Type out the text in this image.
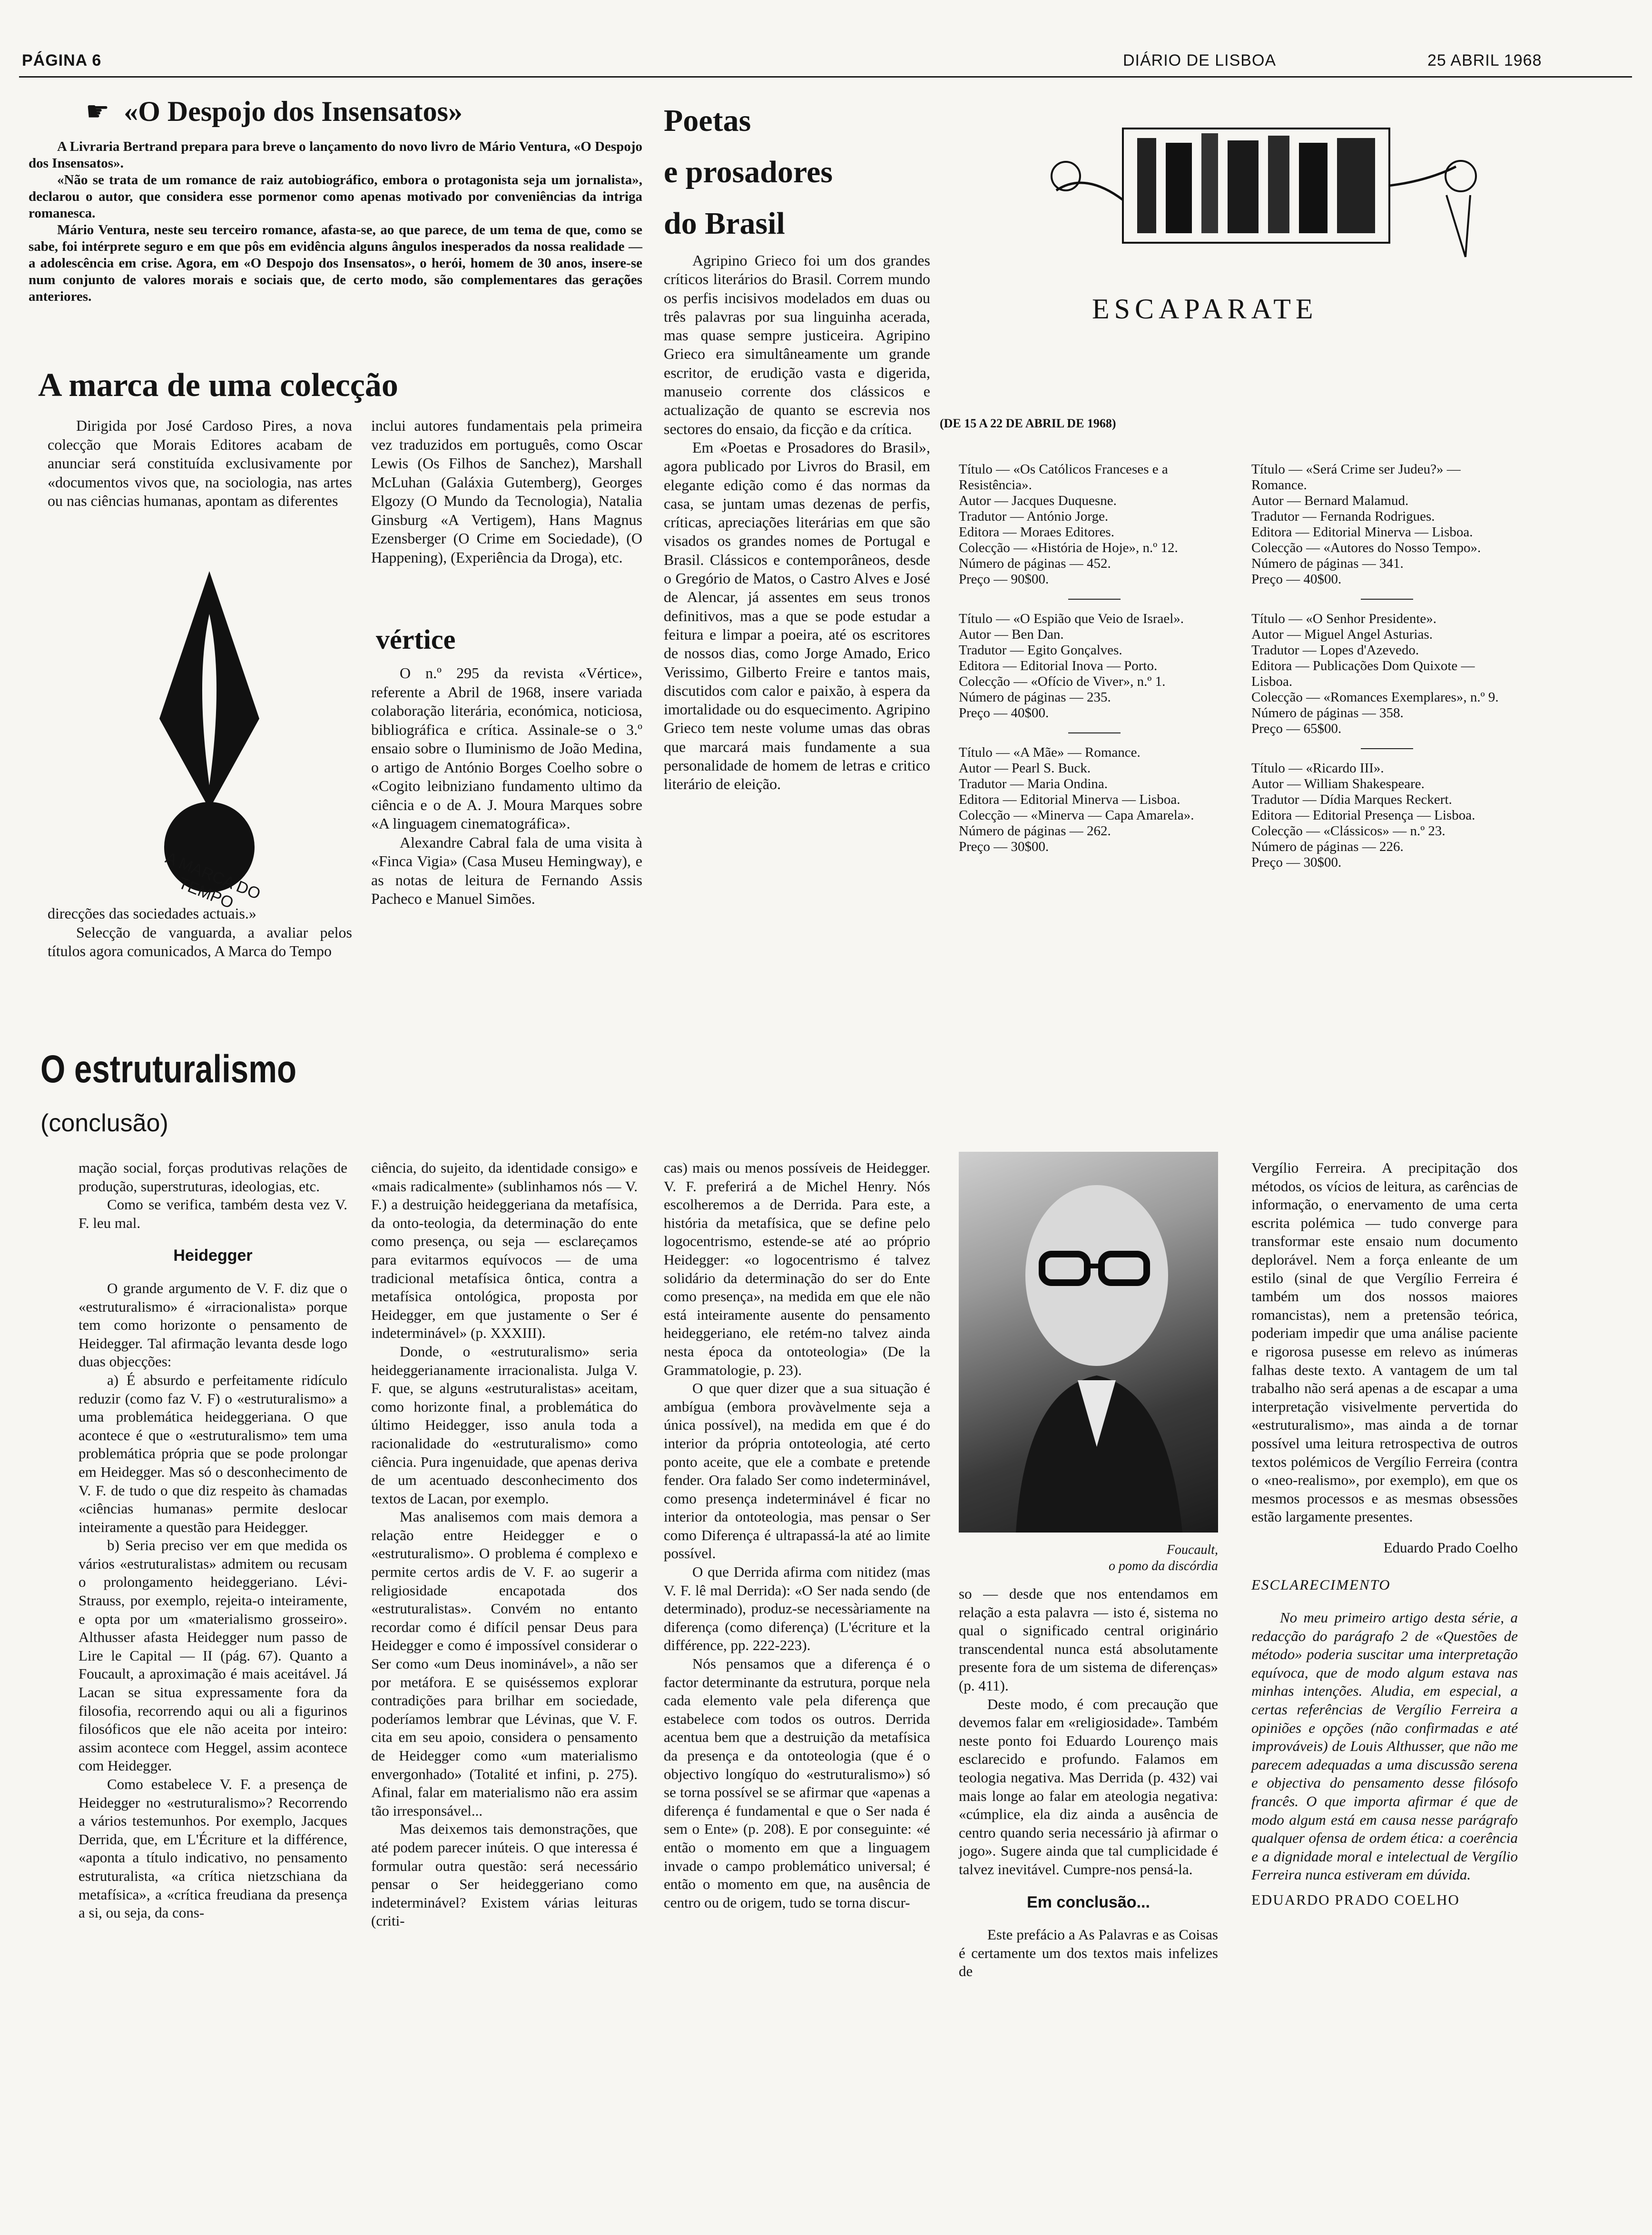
PÁGINA 6	DIÁRIO DE LISBOA	25 ABRIL 1968
☛ «O Despojo dos Insensatos»

A Livraria Bertrand prepara para breve o lançamento do novo livro de Mário Ventura, «O Despojo dos Insensatos».

«Não se trata de um romance de raiz autobiográfico, embora o protagonista seja um jornalista», declarou o autor, que considera esse pormenor como apenas motivado por conveniências da intriga romanesca.

Mário Ventura, neste seu terceiro romance, afasta-se, ao que parece, de um tema de que, como se sabe, foi intérprete seguro e em que pôs em evidência alguns ângulos inesperados da nossa realidade — a adolescência em crise. Agora, em «O Despojo dos Insensatos», o herói, homem de 30 anos, insere-se num conjunto de valores morais e sociais que, de certo modo, são complementares das gerações anteriores.

A marca de uma colecção

Dirigida por José Cardoso Pires, a nova colecção que Morais Editores acabam de anunciar será constituída exclusivamente por «documentos vivos que, na sociologia, nas artes ou nas ciências humanas, apontam as diferentes

A MARCA DO TEMPO

direcções das sociedades actuais.»

Selecção de vanguarda, a avaliar pelos títulos agora comunicados, A Marca do Tempo

inclui autores fundamentais pela primeira vez traduzidos em português, como Oscar Lewis (Os Filhos de Sanchez), Marshall McLuhan (Galáxia Gutemberg), Georges Elgozy (O Mundo da Tecnologia), Natalia Ginsburg «A Vertigem), Hans Magnus Ezensberger (O Crime em Sociedade), (O Happening), (Experiência da Droga), etc.

vértice

O n.º 295 da revista «Vértice», referente a Abril de 1968, insere variada colaboração literária, económica, noticiosa, bibliográfica e crítica. Assinale-se o 3.º ensaio sobre o Iluminismo de João Medina, o artigo de António Borges Coelho sobre o «Cogito leibniziano fundamento ultimo da ciência e o de A. J. Moura Marques sobre «A linguagem cinematográfica».

Alexandre Cabral fala de uma visita à «Finca Vigia» (Casa Museu Hemingway), e as notas de leitura de Fernando Assis Pacheco e Manuel Simões.

Poetas
e prosadores
do Brasil

Agripino Grieco foi um dos grandes críticos literários do Brasil. Correm mundo os perfis incisivos modelados em duas ou três palavras por sua linguinha acerada, mas quase sempre justiceira. Agripino Grieco era simultâneamente um grande escritor, de erudição vasta e digerida, manuseio corrente dos clássicos e actualização de quanto se escrevia nos sectores do ensaio, da ficção e da crítica.

Em «Poetas e Prosadores do Brasil», agora publicado por Livros do Brasil, em elegante edição como é das normas da casa, se juntam umas dezenas de perfis, críticas, apreciações literárias em que são visados os grandes nomes de Portugal e Brasil. Clássicos e contemporâneos, desde o Gregório de Matos, o Castro Alves e José de Alencar, já assentes em seus tronos definitivos, mas a que se pode estudar a feitura e limpar a poeira, até os escritores de nossos dias, como Jorge Amado, Erico Verissimo, Gilberto Freire e tantos mais, discutidos com calor e paixão, à espera da imortalidade ou do esquecimento. Agripino Grieco tem neste volume umas das obras que marcará mais fundamente a sua personalidade de homem de letras e critico literário de eleição.

ESCAPARATE
(DE 15 A 22 DE ABRIL DE 1968)
Título — «Os Católicos Franceses e a Resistência».
Autor — Jacques Duquesne.
Tradutor — António Jorge.
Editora — Moraes Editores.
Colecção — «História de Hoje», n.º 12.
Número de páginas — 452.
Preço — 90$00.
Título — «O Espião que Veio de Israel».
Autor — Ben Dan.
Tradutor — Egito Gonçalves.
Editora — Editorial Inova — Porto.
Colecção — «Ofício de Viver», n.º 1.
Número de páginas — 235.
Preço — 40$00.
Título — «A Mãe» — Romance.
Autor — Pearl S. Buck.
Tradutor — Maria Ondina.
Editora — Editorial Minerva — Lisboa.
Colecção — «Minerva — Capa Amarela».
Número de páginas — 262.
Preço — 30$00.
Título — «Será Crime ser Judeu?» — Romance.
Autor — Bernard Malamud.
Tradutor — Fernanda Rodrigues.
Editora — Editorial Minerva — Lisboa.
Colecção — «Autores do Nosso Tempo».
Número de páginas — 341.
Preço — 40$00.
Título — «O Senhor Presidente».
Autor — Miguel Angel Asturias.
Tradutor — Lopes d'Azevedo.
Editora — Publicações Dom Quixote — Lisboa.
Colecção — «Romances Exemplares», n.º 9.
Número de páginas — 358.
Preço — 65$00.
Título — «Ricardo III».
Autor — William Shakespeare.
Tradutor — Dídia Marques Reckert.
Editora — Editorial Presença — Lisboa.
Colecção — «Clássicos» — n.º 23.
Número de páginas — 226.
Preço — 30$00.
O estruturalismo
(conclusão)

mação social, forças produtivas relações de produção, superstruturas, ideologias, etc.

Como se verifica, também desta vez V. F. leu mal.

Heidegger

O grande argumento de V. F. diz que o «estruturalismo» é «irracionalista» porque tem como horizonte o pensamento de Heidegger. Tal afirmação levanta desde logo duas objecções:

a) É absurdo e perfeitamente ridículo reduzir (como faz V. F) o «estruturalismo» a uma problemática heideggeriana. O que acontece é que o «estruturalismo» tem uma problemática própria que se pode prolongar em Heidegger. Mas só o desconhecimento de V. F. de tudo o que diz respeito às chamadas «ciências humanas» permite deslocar inteiramente a questão para Heidegger.

b) Seria preciso ver em que medida os vários «estruturalistas» admitem ou recusam o prolongamento heideggeriano. Lévi-Strauss, por exemplo, rejeita-o inteiramente, e opta por um «materialismo grosseiro». Althusser afasta Heidegger num passo de Lire le Capital — II (pág. 67). Quanto a Foucault, a aproximação é mais aceitável. Já Lacan se situa expressamente fora da filosofia, recorrendo aqui ou ali a figurinos filosóficos que ele não aceita por inteiro: assim acontece com Heggel, assim acontece com Heidegger.

Como estabelece V. F. a presença de Heidegger no «estruturalismo»? Recorrendo a vários testemunhos. Por exemplo, Jacques Derrida, que, em L'Écriture et la différence, «aponta a título indicativo, no pensamento estruturalista, «a crítica nietzschiana da metafísica», a «crítica freudiana da presença a si, ou seja, da cons-

ciência, do sujeito, da identidade consigo» e «mais radicalmente» (sublinhamos nós — V. F.) a destruição heideggeriana da metafísica, da onto-teologia, da determinação do ente como presença, ou seja — esclareçamos para evitarmos equívocos — de uma tradicional metafísica ôntica, contra a metafísica ontológica, proposta por Heidegger, em que justamente o Ser é indeterminável» (p. XXXIII).

Donde, o «estruturalismo» seria heideggerianamente irracionalista. Julga V. F. que, se alguns «estruturalistas» aceitam, como horizonte final, a problemática do último Heidegger, isso anula toda a racionalidade do «estruturalismo» como ciência. Pura ingenuidade, que apenas deriva de um acentuado desconhecimento dos textos de Lacan, por exemplo.

Mas analisemos com mais demora a relação entre Heidegger e o «estruturalismo». O problema é complexo e permite certos ardis de V. F. ao sugerir a religiosidade encapotada dos «estruturalistas». Convém no entanto recordar como é difícil pensar Deus para Heidegger e como é impossível considerar o Ser como «um Deus inominável», a não ser por metáfora. E se quiséssemos explorar contradições para brilhar em sociedade, poderíamos lembrar que Lévinas, que V. F. cita em seu apoio, considera o pensamento de Heidegger como «um materialismo envergonhado» (Totalité et infini, p. 275). Afinal, falar em materialismo não era assim tão irresponsável...

Mas deixemos tais demonstrações, que até podem parecer inúteis. O que interessa é formular outra questão: será necessário pensar o Ser heideggeriano como indeterminável? Existem várias leituras (criti-

cas) mais ou menos possíveis de Heidegger. V. F. preferirá a de Michel Henry. Nós escolheremos a de Derrida. Para este, a história da metafísica, que se define pelo logocentrismo, estende-se até ao próprio Heidegger: «o logocentrismo é talvez solidário da determinação do ser do Ente como presença», na medida em que ele não está inteiramente ausente do pensamento heideggeriano, ele retém-no talvez ainda nesta época da ontoteologia» (De la Grammatologie, p. 23).

O que quer dizer que a sua situação é ambígua (embora provàvelmente seja a única possível), na medida em que é do interior da própria ontoteologia, até certo ponto aceite, que ele a combate e pretende fender. Ora falado Ser como indeterminável, como presença indeterminável é ficar no interior da ontoteologia, mas pensar o Ser como Diferença é ultrapassá-la até ao limite possível.

O que Derrida afirma com nitidez (mas V. F. lê mal Derrida): «O Ser nada sendo (de determinado), produz-se necessàriamente na diferença (como diferença) (L'écriture et la différence, pp. 222-223).

Nós pensamos que a diferença é o factor determinante da estrutura, porque nela cada elemento vale pela diferença que estabelece com todos os outros. Derrida acentua bem que a destruição da metafísica da presença e da ontoteologia (que é o objectivo longíquo do «estruturalismo») só se torna possível se se afirmar que «apenas a diferença é fundamental e que o Ser nada é sem o Ente» (p. 208). E por conseguinte: «é então o momento em que a linguagem invade o campo problemático universal; é então o momento em que, na ausência de centro ou de origem, tudo se torna discur-

Foucault,
o pomo da discórdia

so — desde que nos entendamos em relação a esta palavra — isto é, sistema no qual o significado central originário transcendental nunca está absolutamente presente fora de um sistema de diferenças» (p. 411).

Deste modo, é com precaução que devemos falar em «religiosidade». Também neste ponto foi Eduardo Lourenço mais esclarecido e profundo. Falamos em teologia negativa. Mas Derrida (p. 432) vai mais longe ao falar em ateologia negativa: «cúmplice, ela diz ainda a ausência de centro quando seria necessário jà afirmar o jogo». Sugere ainda que tal cumplicidade é talvez inevitável. Cumpre-nos pensá-la.

Em conclusão...

Este prefácio a As Palavras e as Coisas é certamente um dos textos mais infelizes de

Vergílio Ferreira. A precipitação dos métodos, os vícios de leitura, as carências de informação, o enervamento de uma certa escrita polémica — tudo converge para transformar este ensaio num documento deplorável. Nem a força enleante de um estilo (sinal de que Vergílio Ferreira é também um dos nossos maiores romancistas), nem a pretensão teórica, poderiam impedir que uma análise paciente e rigorosa pusesse em relevo as inúmeras falhas deste texto. A vantagem de um tal trabalho não será apenas a de escapar a uma interpretação visivelmente pervertida do «estruturalismo», mas ainda a de tornar possível uma leitura retrospectiva de outros textos polémicos de Vergílio Ferreira (contra o «neo-realismo», por exemplo), em que os mesmos processos e as mesmas obsessões estão largamente presentes.

Eduardo Prado Coelho
ESCLARECIMENTO

No meu primeiro artigo desta série, a redacção do parágrafo 2 de «Questões de método» poderia suscitar uma interpretação equívoca, que de modo algum estava nas minhas intenções. Aludia, em especial, a certas referências de Vergílio Ferreira a opiniões e opções (não confirmadas e até improváveis) de Louis Althusser, que não me parecem adequadas a uma discussão serena e objectiva do pensamento desse filósofo francês. O que importa afirmar é que de modo algum está em causa nesse parágrafo qualquer ofensa de ordem ética: a coerência e a dignidade moral e intelectual de Vergílio Ferreira nunca estiveram em dúvida.

EDUARDO PRADO COELHO
